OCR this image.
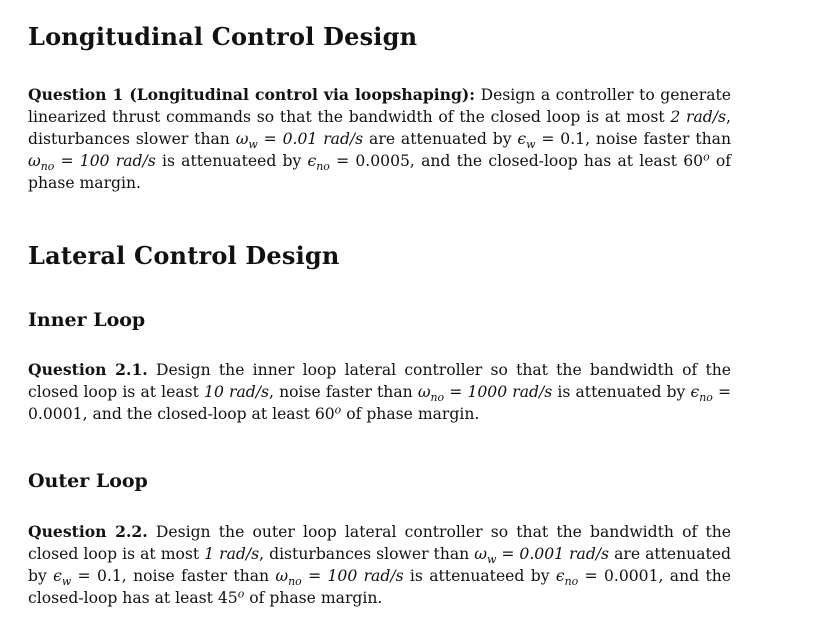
Longitudinal Control Design

Question 1 (Longitudinal control via loopshaping): Design a controller to generate linearized thrust commands so that the bandwidth of the closed loop is at most 2 rad/s, disturbances slower than $\omega_w = 0.01$ rad/s are attenuated by $\epsilon_w = 0.1$, noise faster than $\omega_{no} = 100$ rad/s is attenuateed by $\epsilon_{no} = 0.0005$, and the closed-loop has at least 60$^o$ of phase margin.

Lateral Control Design
Inner Loop

Question 2.1. Design the inner loop lateral controller so that the bandwidth of the closed loop is at least 10 rad/s, noise faster than $\omega_{no} = 1000$ rad/s is attenuated by $\epsilon_{no} = 0.0001$, and the closed-loop at least 60$^o$ of phase margin.

Outer Loop

Question 2.2. Design the outer loop lateral controller so that the bandwidth of the closed loop is at most 1 rad/s, disturbances slower than $\omega_w = 0.001$ rad/s are attenuated by $\epsilon_w = 0.1$, noise faster than $\omega_{no} = 100$ rad/s is attenuateed by $\epsilon_{no} = 0.0001$, and the closed-loop has at least 45$^o$ of phase margin.
